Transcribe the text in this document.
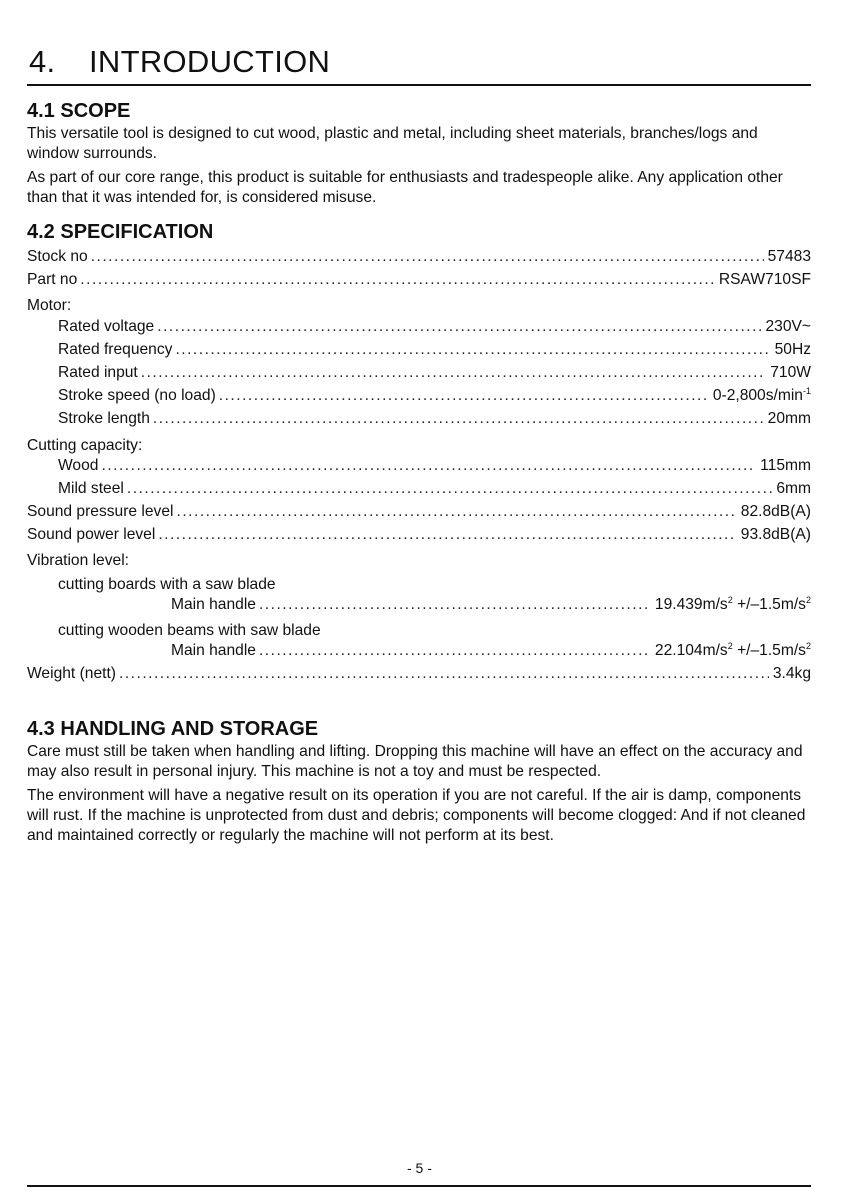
4. INTRODUCTION
4.1 SCOPE

This versatile tool is designed to cut wood, plastic and metal, including sheet materials, branches/logs and window surrounds.

As part of our core range, this product is suitable for enthusiasts and tradespeople alike. Any application other than that it was intended for, is considered misuse.

4.2 SPECIFICATION
Stock no .....	57483
Part no .....	RSAW710SF
Motor:
Rated voltage .....	230V~
Rated frequency .....	50Hz
Rated input .....	710W
Stroke speed (no load) .....	$0-2,800s/\min^{-1}$
Stroke length .....	20mm
Cutting capacity:
Wood .....	115mm
Mild steel .....	6mm
Sound pressure level .....	82.8dB(A)
Sound power level .....	93.8dB(A)
Vibration level:
cutting boards with a saw blade
Main handle .....	$19.439m/s^2 +/-1.5m/s^2$
cutting wooden beams with saw blade
Main handle .....	$22.104m/s^2 +/-1.5m/s^2$
Weight (nett) .....	3.4kg
4.3 HANDLING AND STORAGE

Care must still be taken when handling and lifting. Dropping this machine will have an effect on the accuracy and may also result in personal injury. This machine is not a toy and must be respected.

The environment will have a negative result on its operation if you are not careful. If the air is damp, components will rust. If the machine is unprotected from dust and debris; components will become clogged: And if not cleaned and maintained correctly or regularly the machine will not perform at its best.

- 5 -
